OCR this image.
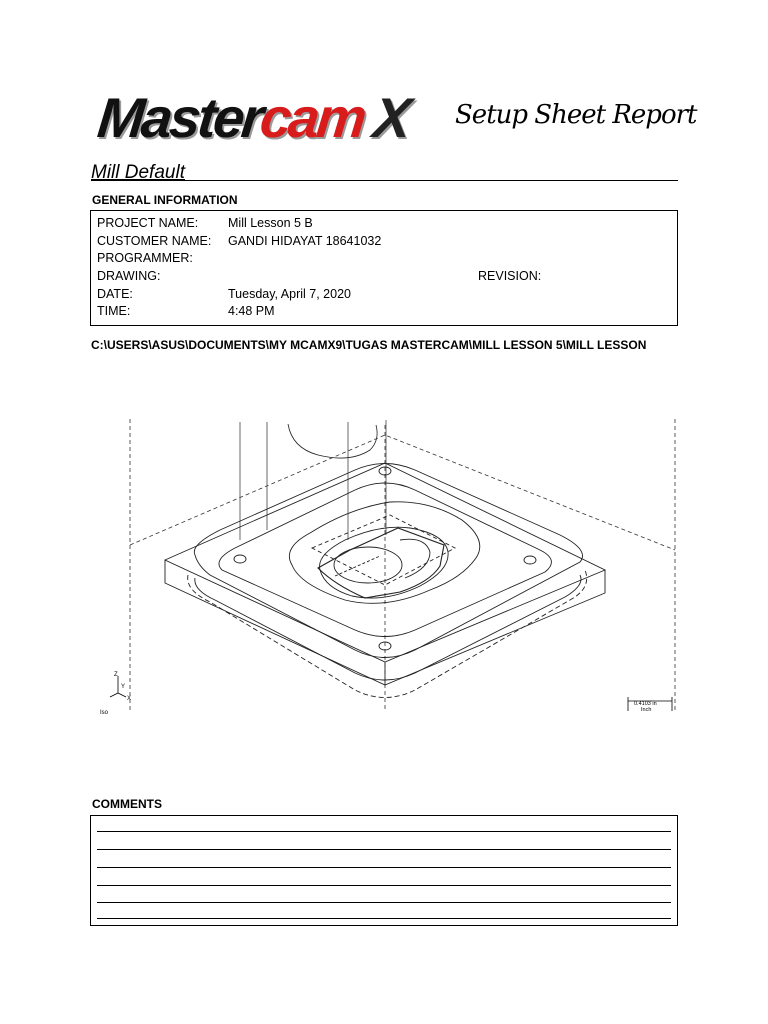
MastercamX Setup Sheet Report
Mill Default
GENERAL INFORMATION
PROJECT NAME: Mill Lesson 5 B
CUSTOMER NAME: GANDI HIDAYAT 18641032
PROGRAMMER:
DRAWING:	REVISION:
DATE:	Tuesday, April 7, 2020
TIME:	4:48 PM
C:\USERS\ASUS\DOCUMENTS\MY MCAMX9\TUGAS MASTERCAM\MILL LESSON 5\MILL LESSON
Z
Y
X
Iso
0.4103 in
Inch
COMMENTS
